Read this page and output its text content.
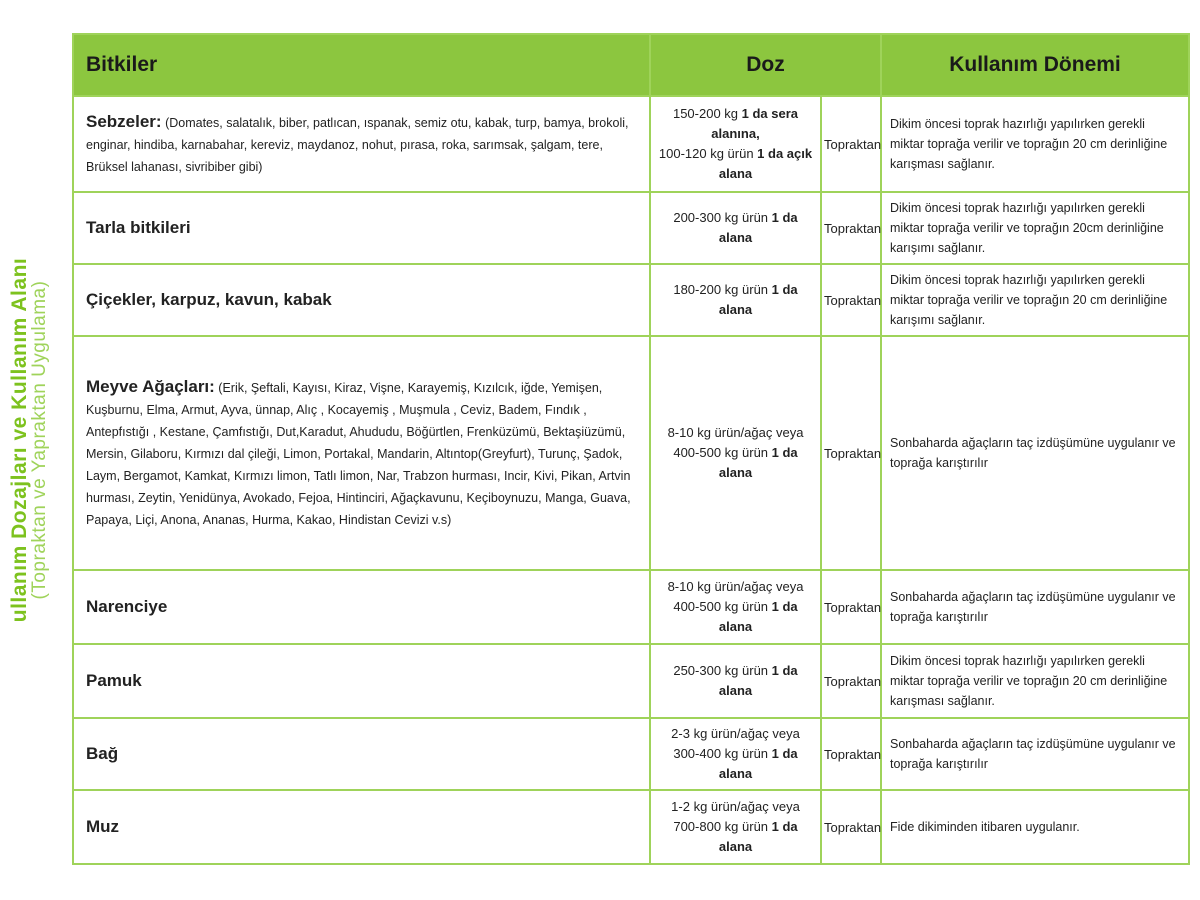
ullanım Dozajları ve Kullanım Alanı
(Topraktan ve Yapraktan Uygulama)
Bitkiler	Doz		Kullanım Dönemi
Sebzeler: (Domates, salatalık, biber, patlıcan, ıspanak, semiz otu, kabak, turp, bamya, brokoli, enginar, hindiba, karnabahar, kereviz, maydanoz, nohut, pırasa, roka, sarımsak, şalgam, tere, Brüksel lahanası, sivribiber gibi)	150-200 kg 1 da sera alanına,
100-120 kg ürün 1 da açık alana	Topraktan	Dikim öncesi toprak hazırlığı yapılırken gerekli miktar toprağa verilir ve toprağın 20 cm derinliğine karışması sağlanır.
Tarla bitkileri	200-300 kg ürün 1 da alana	Topraktan	Dikim öncesi toprak hazırlığı yapılırken gerekli miktar toprağa verilir ve toprağın 20cm derinliğine karışımı sağlanır.
Çiçekler, karpuz, kavun, kabak	180-200 kg ürün 1 da alana	Topraktan	Dikim öncesi toprak hazırlığı yapılırken gerekli miktar toprağa verilir ve toprağın 20 cm derinliğine karışımı sağlanır.
Meyve Ağaçları: (Erik, Şeftali, Kayısı, Kiraz, Vişne, Karayemiş, Kızılcık, iğde, Yemişen, Kuşburnu, Elma, Armut, Ayva, ünnap, Alıç , Kocayemiş , Muşmula , Ceviz, Badem, Fındık , Antepfıstığı , Kestane, Çamfıstığı, Dut,Karadut, Ahududu, Böğürtlen, Frenküzümü, Bektaşiüzümü, Mersin, Gilaboru, Kırmızı dal çileği, Limon, Portakal, Mandarin, Altıntop(Greyfurt), Turunç, Şadok, Laym, Bergamot, Kamkat, Kırmızı limon, Tatlı limon, Nar, Trabzon hurması, Incir, Kivi, Pikan, Artvin hurması, Zeytin, Yenidünya, Avokado, Fejoa, Hintinciri, Ağaçkavunu, Keçiboynuzu, Manga, Guava, Papaya, Liçi, Anona, Ananas, Hurma, Kakao, Hindistan Cevizi v.s)	8-10 kg ürün/ağaç veya
400-500 kg ürün 1 da alana	Topraktan	Sonbaharda ağaçların taç izdüşümüne uygulanır ve toprağa karıştırılır
Narenciye	8-10 kg ürün/ağaç veya
400-500 kg ürün 1 da alana	Topraktan	Sonbaharda ağaçların taç izdüşümüne uygulanır ve toprağa karıştırılır
Pamuk	250-300 kg ürün 1 da alana	Topraktan	Dikim öncesi toprak hazırlığı yapılırken gerekli miktar toprağa verilir ve toprağın 20 cm derinliğine karışması sağlanır.
Bağ	2-3 kg ürün/ağaç veya
300-400 kg ürün 1 da alana	Topraktan	Sonbaharda ağaçların taç izdüşümüne uygulanır ve toprağa karıştırılır
Muz	1-2 kg ürün/ağaç veya
700-800 kg ürün 1 da alana	Topraktan	Fide dikiminden itibaren uygulanır.
